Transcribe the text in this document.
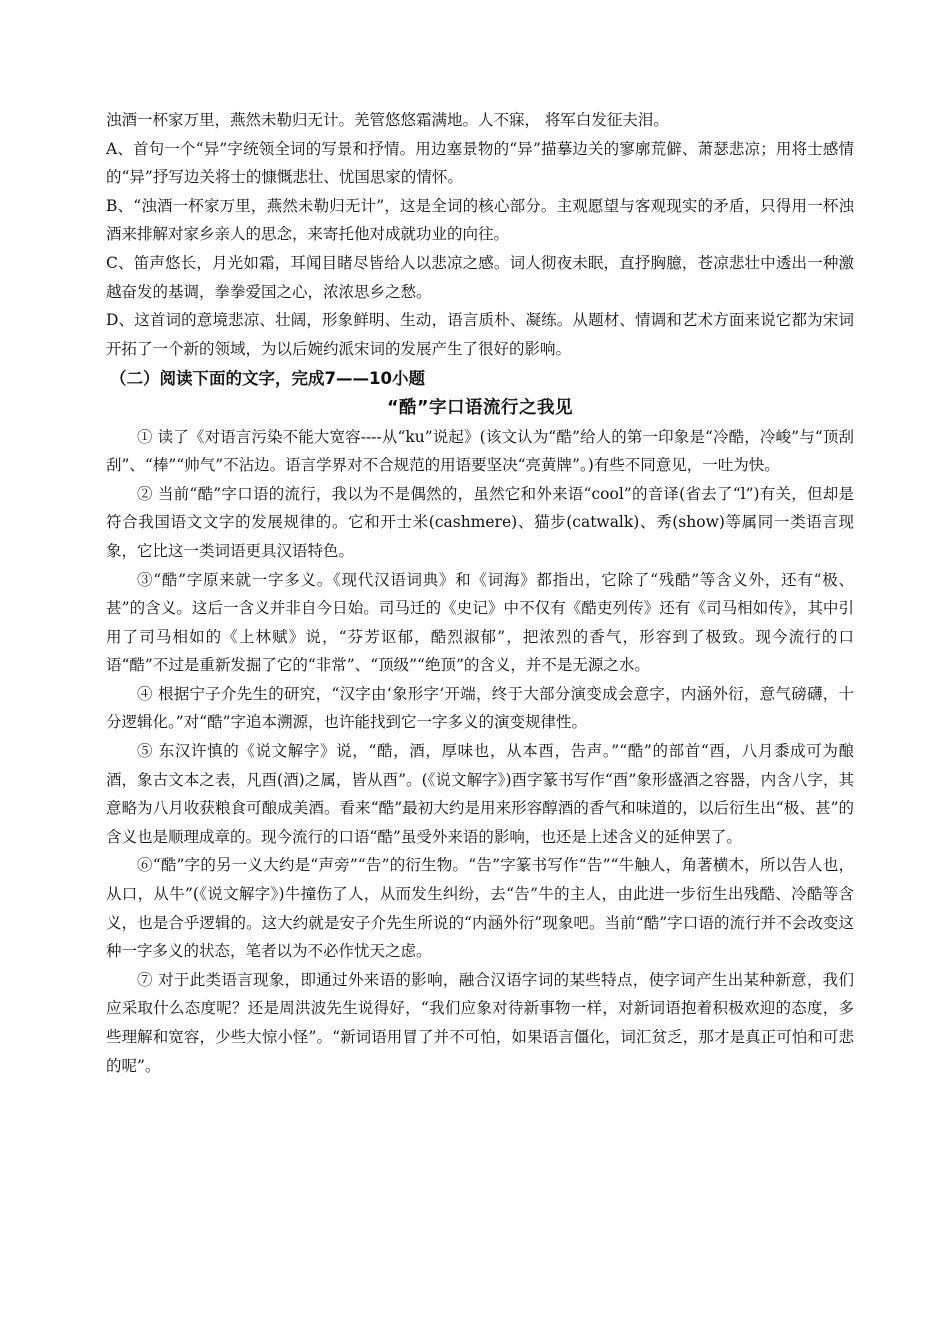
浊酒一杯家万里，燕然未勒归无计。羌管悠悠霜满地。人不寐， 将军白发征夫泪。

A、首句一个“异”字统领全词的写景和抒情。用边塞景物的“异”描摹边关的寥廓荒僻、萧瑟悲凉；用将士感情的“异”抒写边关将士的慷慨悲壮、忧国思家的情怀。

B、“浊酒一杯家万里，燕然未勒归无计”，这是全词的核心部分。主观愿望与客观现实的矛盾，只得用一杯浊酒来排解对家乡亲人的思念，来寄托他对成就功业的向往。

C、笛声悠长，月光如霜，耳闻目睹尽皆给人以悲凉之感。词人彻夜未眠，直抒胸臆，苍凉悲壮中透出一种激越奋发的基调，拳拳爱国之心，浓浓思乡之愁。

D、这首词的意境悲凉、壮阔，形象鲜明、生动，语言质朴、凝练。从题材、情调和艺术方面来说它都为宋词开拓了一个新的领域，为以后婉约派宋词的发展产生了很好的影响。

（二）阅读下面的文字，完成7——10小题

“酷”字口语流行之我见

① 读了《对语言污染不能大宽容----从“ku”说起》(该文认为“酷”给人的第一印象是“冷酷，冷峻”与“顶刮刮”、“棒”“帅气”不沾边。语言学界对不合规范的用语要坚决“亮黄牌”。)有些不同意见，一吐为快。

② 当前“酷”字口语的流行，我以为不是偶然的，虽然它和外来语“cool”的音译(省去了“l”)有关，但却是符合我国语文文字的发展规律的。它和开士米(cashmere)、猫步(catwalk)、秀(show)等属同一类语言现象，它比这一类词语更具汉语特色。

③“酷”字原来就一字多义。《现代汉语词典》和《词海》都指出，它除了“残酷”等含义外，还有“极、甚”的含义。这后一含义并非自今日始。司马迁的《史记》中不仅有《酷吏列传》还有《司马相如传》，其中引用了司马相如的《上林赋》说，“芬芳讴郁，酷烈淑郁”，把浓烈的香气，形容到了极致。现今流行的口语“酷”不过是重新发掘了它的“非常”、“顶级”“绝顶”的含义，并不是无源之水。

④ 根据宁子介先生的研究，“汉字由‘象形字‘开端，终于大部分演变成会意字，内涵外衍，意气磅礴，十分逻辑化。”对“酷”字追本溯源，也许能找到它一字多义的演变规律性。

⑤ 东汉许慎的《说文解字》说，“酷，酒，厚味也，从本酉，告声。”“酷”的部首“酉，八月黍成可为酿酒，象古文本之表，凡酉(酒)之属，皆从酉”。(《说文解字》)酉字篆书写作“酉”象形盛酒之容器，内含八字，其意略为八月收获粮食可酿成美酒。看来“酷”最初大约是用来形容醇酒的香气和味道的，以后衍生出“极、甚”的含义也是顺理成章的。现今流行的口语“酷”虽受外来语的影响，也还是上述含义的延伸罢了。

⑥“酷”字的另一义大约是“声旁”“告”的衍生物。“告”字篆书写作“告”“牛触人，角著横木，所以告人也，从口，从牛”(《说文解字》)牛撞伤了人，从而发生纠纷，去“告”牛的主人，由此进一步衍生出残酷、冷酷等含义，也是合乎逻辑的。这大约就是安子介先生所说的“内涵外衍”现象吧。当前“酷”字口语的流行并不会改变这种一字多义的状态，笔者以为不必作忧天之虑。

⑦ 对于此类语言现象，即通过外来语的影响，融合汉语字词的某些特点，使字词产生出某种新意，我们应采取什么态度呢？还是周洪波先生说得好，“我们应象对待新事物一样，对新词语抱着积极欢迎的态度，多些理解和宽容，少些大惊小怪”。“新词语用冒了并不可怕，如果语言僵化，词汇贫乏，那才是真正可怕和可悲的呢”。
